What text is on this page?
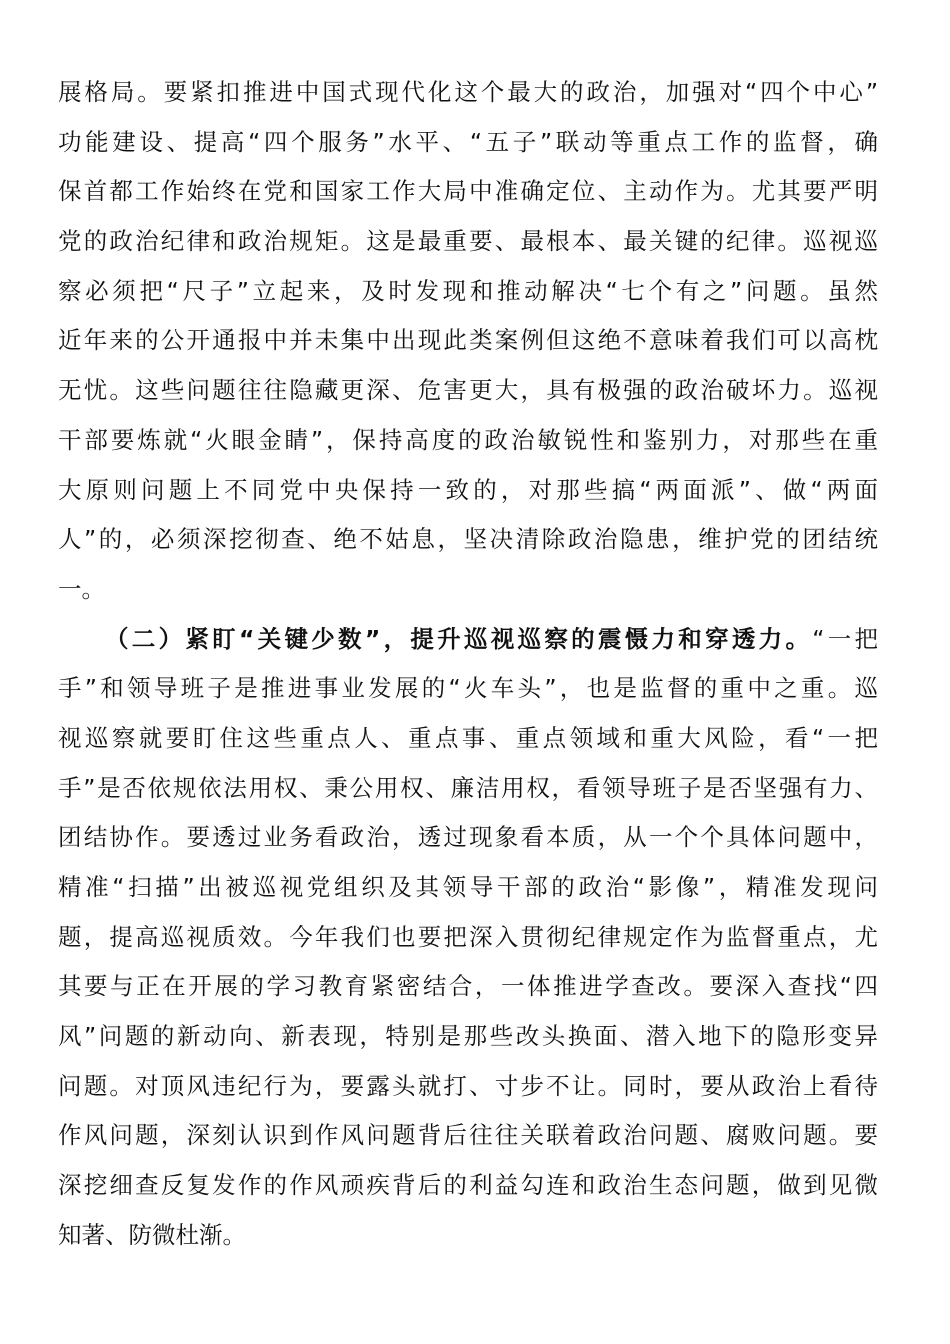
展格局。要紧扣推进中国式现代化这个最大的政治，加强对“四个中心”
功能建设、提高“四个服务”水平、“五子”联动等重点工作的监督，确
保首都工作始终在党和国家工作大局中准确定位、主动作为。尤其要严明
党的政治纪律和政治规矩。这是最重要、最根本、最关键的纪律。巡视巡
察必须把“尺子”立起来，及时发现和推动解决“七个有之”问题。虽然
近年来的公开通报中并未集中出现此类案例但这绝不意味着我们可以高枕
无忧。这些问题往往隐藏更深、危害更大，具有极强的政治破坏力。巡视
干部要炼就“火眼金睛”，保持高度的政治敏锐性和鉴别力，对那些在重
大原则问题上不同党中央保持一致的，对那些搞“两面派”、做“两面
人”的，必须深挖彻查、绝不姑息，坚决清除政治隐患，维护党的团结统
一。
（二）紧盯“关键少数”，提升巡视巡察的震慑力和穿透力。“一把
手”和领导班子是推进事业发展的“火车头”，也是监督的重中之重。巡
视巡察就要盯住这些重点人、重点事、重点领域和重大风险，看“一把
手”是否依规依法用权、秉公用权、廉洁用权，看领导班子是否坚强有力、
团结协作。要透过业务看政治，透过现象看本质，从一个个具体问题中，
精准“扫描”出被巡视党组织及其领导干部的政治“影像”，精准发现问
题，提高巡视质效。今年我们也要把深入贯彻纪律规定作为监督重点，尤
其要与正在开展的学习教育紧密结合，一体推进学查改。要深入查找“四
风”问题的新动向、新表现，特别是那些改头换面、潜入地下的隐形变异
问题。对顶风违纪行为，要露头就打、寸步不让。同时，要从政治上看待
作风问题，深刻认识到作风问题背后往往关联着政治问题、腐败问题。要
深挖细查反复发作的作风顽疾背后的利益勾连和政治生态问题，做到见微
知著、防微杜渐。
